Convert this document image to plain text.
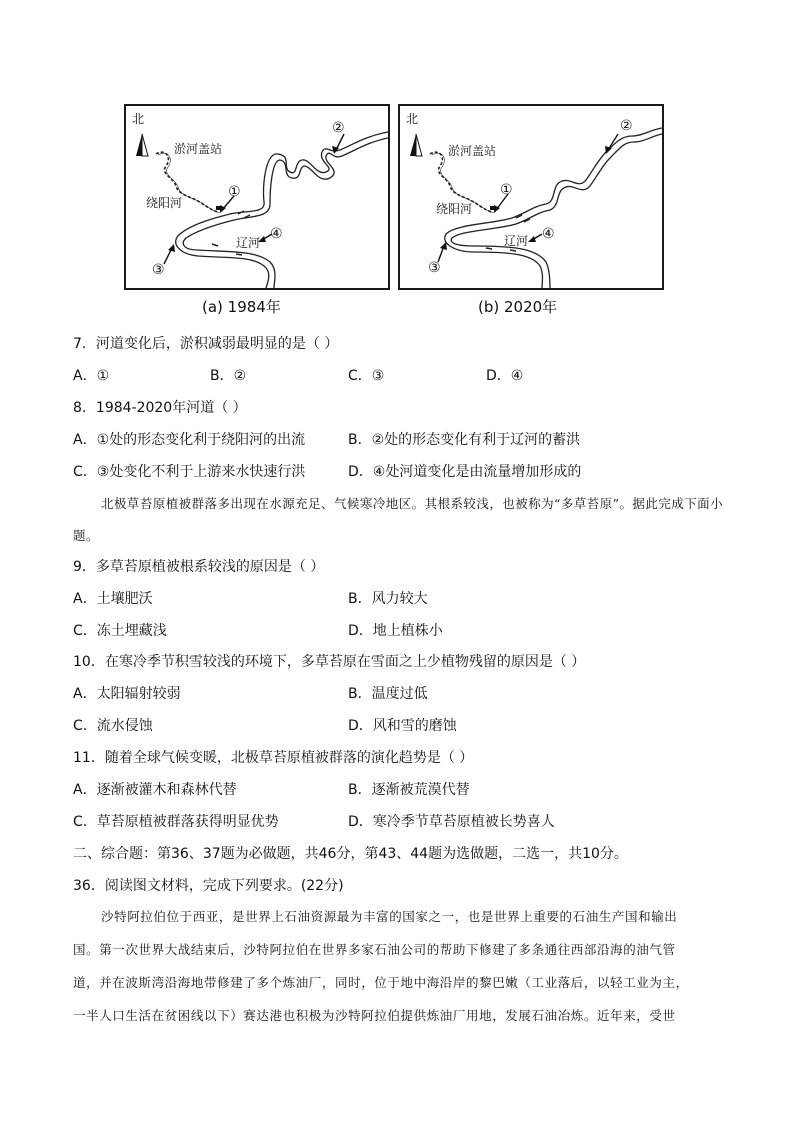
北
淤河盖站
绕阳河
辽河
①
②
③
④
(a) 1984年
北
淤河盖站
绕阳河
辽河
①
②
③
④
(b) 2020年
7．河道变化后，淤积减弱最明显的是（ ）
A．①	B．②	C．③	D．④
8．1984-2020年河道（ ）
A．①处的形态变化利于绕阳河的出流	B．②处的形态变化有利于辽河的蓄洪
C．③处变化不利于上游来水快速行洪	D．④处河道变化是由流量增加形成的
北极草苔原植被群落多出现在水源充足、气候寒冷地区。其根系较浅，也被称为“多草苔原”。据此完成下面小题。
9．多草苔原植被根系较浅的原因是（ ）
A．土壤肥沃	B．风力较大
C．冻土埋藏浅	D．地上植株小
10．在寒冷季节积雪较浅的环境下，多草苔原在雪面之上少植物残留的原因是（ ）
A．太阳辐射较弱	B．温度过低
C．流水侵蚀	D．风和雪的磨蚀
11．随着全球气候变暖，北极草苔原植被群落的演化趋势是（ ）
A．逐渐被灌木和森林代替	B．逐渐被荒漠代替
C．草苔原植被群落获得明显优势	D．寒冷季节草苔原植被长势喜人
二、综合题：第36、37题为必做题，共46分，第43、44题为选做题，二选一，共10分。
36．阅读图文材料，完成下列要求。(22分)
沙特阿拉伯位于西亚，是世界上石油资源最为丰富的国家之一，也是世界上重要的石油生产国和输出
国。第一次世界大战结束后，沙特阿拉伯在世界多家石油公司的帮助下修建了多条通往西部沿海的油气管
道，并在波斯湾沿海地带修建了多个炼油厂，同时，位于地中海沿岸的黎巴嫩（工业落后，以轻工业为主，
一半人口生活在贫困线以下）赛达港也积极为沙特阿拉伯提供炼油厂用地，发展石油冶炼。近年来，受世
